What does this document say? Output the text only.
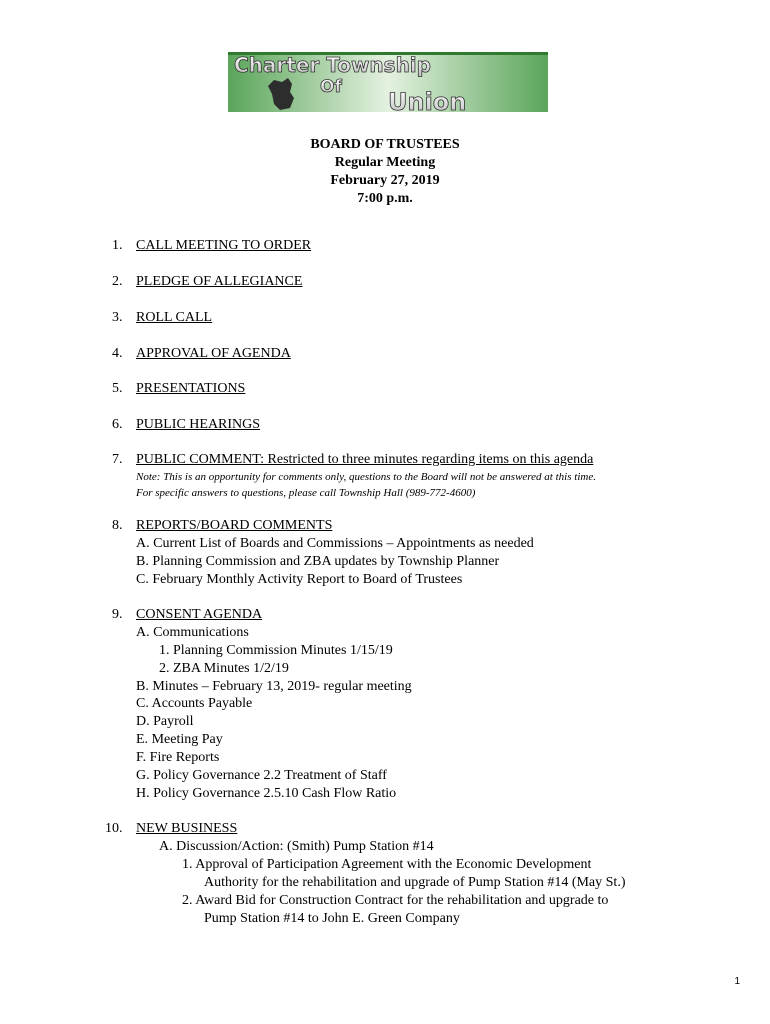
Charter Township
Of
Union
BOARD OF TRUSTEES
Regular Meeting
February 27, 2019
7:00 p.m.
1. CALL MEETING TO ORDER
2. PLEDGE OF ALLEGIANCE
3. ROLL CALL
4. APPROVAL OF AGENDA
5. PRESENTATIONS
6. PUBLIC HEARINGS
7. PUBLIC COMMENT: Restricted to three minutes regarding items on this agenda
Note: This is an opportunity for comments only, questions to the Board will not be answered at this time.
For specific answers to questions, please call Township Hall (989-772-4600)
8. REPORTS/BOARD COMMENTS
A. Current List of Boards and Commissions – Appointments as needed
B. Planning Commission and ZBA updates by Township Planner
C. February Monthly Activity Report to Board of Trustees
9. CONSENT AGENDA
A. Communications
1. Planning Commission Minutes 1/15/19
2. ZBA Minutes 1/2/19
B. Minutes – February 13, 2019- regular meeting
C. Accounts Payable
D. Payroll
E. Meeting Pay
F. Fire Reports
G. Policy Governance 2.2 Treatment of Staff
H. Policy Governance 2.5.10 Cash Flow Ratio
10. NEW BUSINESS
A. Discussion/Action: (Smith) Pump Station #14
1. Approval of Participation Agreement with the Economic Development
Authority for the rehabilitation and upgrade of Pump Station #14 (May St.)
2. Award Bid for Construction Contract for the rehabilitation and upgrade to
Pump Station #14 to John E. Green Company
1
